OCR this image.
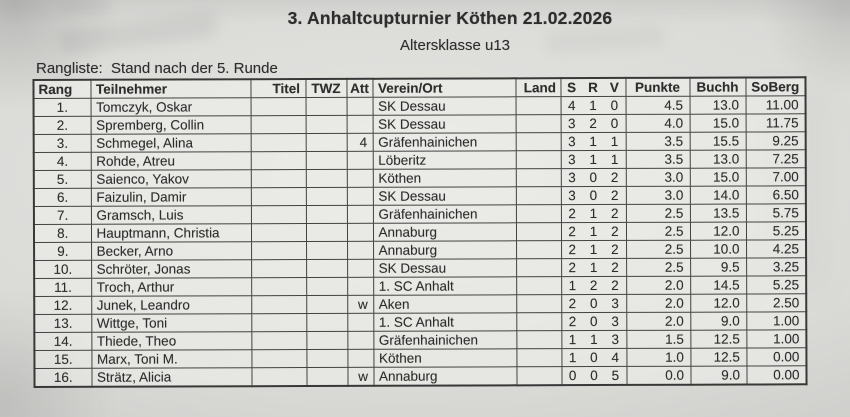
3. Anhaltcupturnier Köthen 21.02.2026
Altersklasse u13
Rangliste:  Stand nach der 5. Runde
Rang	Teilnehmer	Titel	TWZ	Att	Verein/Ort	Land	S R V	Punkte	Buchh	SoBerg
1.	Tomczyk, Oskar				SK Dessau		4 1 0	4.5	13.0	11.00
2.	Spremberg, Collin				SK Dessau		3 2 0	4.0	15.0	11.75
3.	Schmegel, Alina			4	Gräfenhainichen		3 1 1	3.5	15.5	9.25
4.	Rohde, Atreu				Löberitz		3 1 1	3.5	13.0	7.25
5.	Saienco, Yakov				Köthen		3 0 2	3.0	15.0	7.00
6.	Faizulin, Damir				SK Dessau		3 0 2	3.0	14.0	6.50
7.	Gramsch, Luis				Gräfenhainichen		2 1 2	2.5	13.5	5.75
8.	Hauptmann, Christia				Annaburg		2 1 2	2.5	12.0	5.25
9.	Becker, Arno				Annaburg		2 1 2	2.5	10.0	4.25
10.	Schröter, Jonas				SK Dessau		2 1 2	2.5	9.5	3.25
11.	Troch, Arthur				1. SC Anhalt		1 2 2	2.0	14.5	5.25
12.	Junek, Leandro			w	Aken		2 0 3	2.0	12.0	2.50
13.	Wittge, Toni				1. SC Anhalt		2 0 3	2.0	9.0	1.00
14.	Thiede, Theo				Gräfenhainichen		1 1 3	1.5	12.5	1.00
15.	Marx, Toni M.				Köthen		1 0 4	1.0	12.5	0.00
16.	Strätz, Alicia			w	Annaburg		0 0 5	0.0	9.0	0.00
